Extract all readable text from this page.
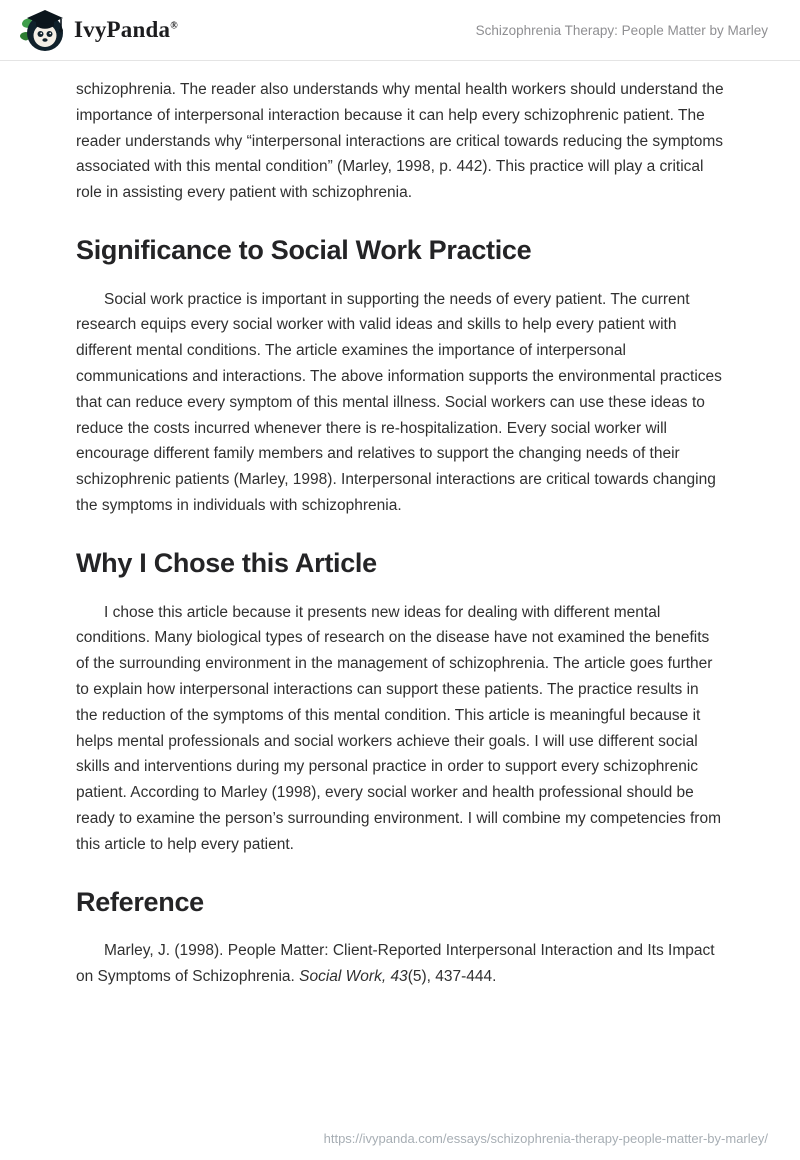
IvyPanda®	Schizophrenia Therapy: People Matter by Marley

schizophrenia. The reader also understands why mental health workers should understand the importance of interpersonal interaction because it can help every schizophrenic patient. The reader understands why “interpersonal interactions are critical towards reducing the symptoms associated with this mental condition” (Marley, 1998, p. 442). This practice will play a critical role in assisting every patient with schizophrenia.

Significance to Social Work Practice

Social work practice is important in supporting the needs of every patient. The current research equips every social worker with valid ideas and skills to help every patient with different mental conditions. The article examines the importance of interpersonal communications and interactions. The above information supports the environmental practices that can reduce every symptom of this mental illness. Social workers can use these ideas to reduce the costs incurred whenever there is re-hospitalization. Every social worker will encourage different family members and relatives to support the changing needs of their schizophrenic patients (Marley, 1998). Interpersonal interactions are critical towards changing the symptoms in individuals with schizophrenia.

Why I Chose this Article

I chose this article because it presents new ideas for dealing with different mental conditions. Many biological types of research on the disease have not examined the benefits of the surrounding environment in the management of schizophrenia. The article goes further to explain how interpersonal interactions can support these patients. The practice results in the reduction of the symptoms of this mental condition. This article is meaningful because it helps mental professionals and social workers achieve their goals. I will use different social skills and interventions during my personal practice in order to support every schizophrenic patient. According to Marley (1998), every social worker and health professional should be ready to examine the person’s surrounding environment. I will combine my competencies from this article to help every patient.

Reference

Marley, J. (1998). People Matter: Client-Reported Interpersonal Interaction and Its Impact on Symptoms of Schizophrenia. Social Work, 43(5), 437-444.

https://ivypanda.com/essays/schizophrenia-therapy-people-matter-by-marley/
